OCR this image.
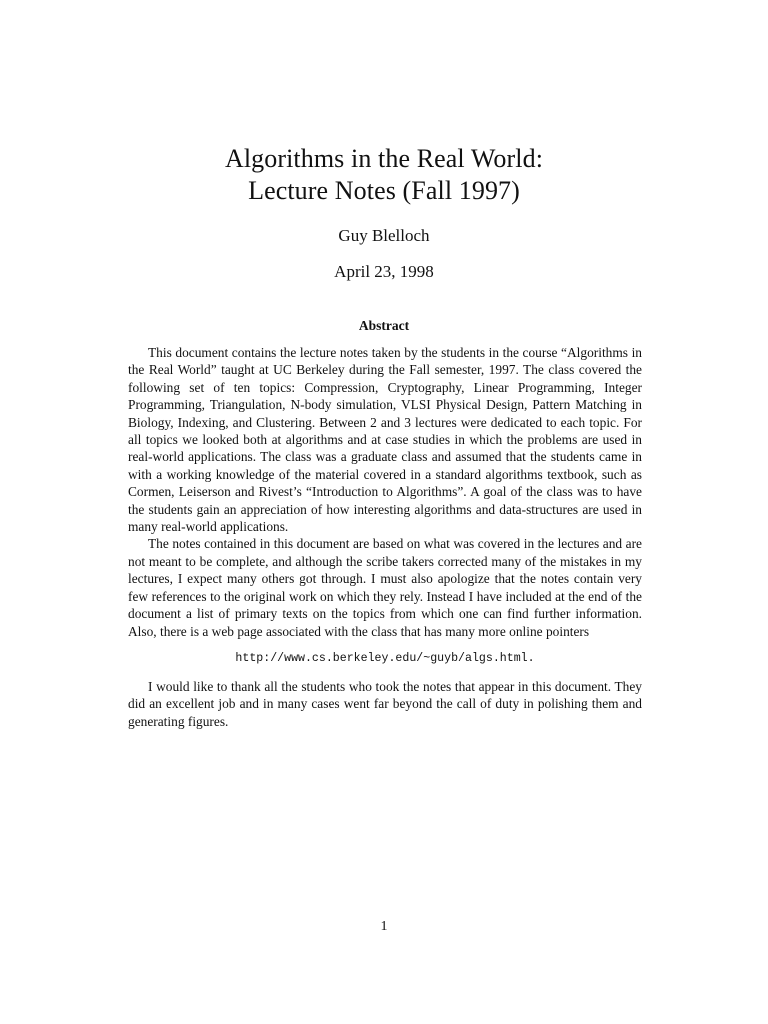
Algorithms in the Real World:
Lecture Notes (Fall 1997)
Guy Blelloch
April 23, 1998
Abstract

This document contains the lecture notes taken by the students in the course “Algorithms in the Real World” taught at UC Berkeley during the Fall semester, 1997. The class covered the following set of ten topics: Compression, Cryptography, Linear Programming, Integer Programming, Triangulation, N-body simulation, VLSI Physical Design, Pattern Matching in Biology, Indexing, and Clustering. Between 2 and 3 lectures were dedicated to each topic. For all topics we looked both at algorithms and at case studies in which the problems are used in real-world applications. The class was a graduate class and assumed that the students came in with a working knowledge of the material covered in a standard algorithms textbook, such as Cormen, Leiserson and Rivest’s “Introduction to Algorithms”. A goal of the class was to have the students gain an appreciation of how interesting algorithms and data-structures are used in many real-world applications.

The notes contained in this document are based on what was covered in the lectures and are not meant to be complete, and although the scribe takers corrected many of the mistakes in my lectures, I expect many others got through. I must also apologize that the notes contain very few references to the original work on which they rely. Instead I have included at the end of the document a list of primary texts on the topics from which one can find further information. Also, there is a web page associated with the class that has many more online pointers

http://www.cs.berkeley.edu/~guyb/algs.html.

I would like to thank all the students who took the notes that appear in this document. They did an excellent job and in many cases went far beyond the call of duty in polishing them and generating figures.

1
